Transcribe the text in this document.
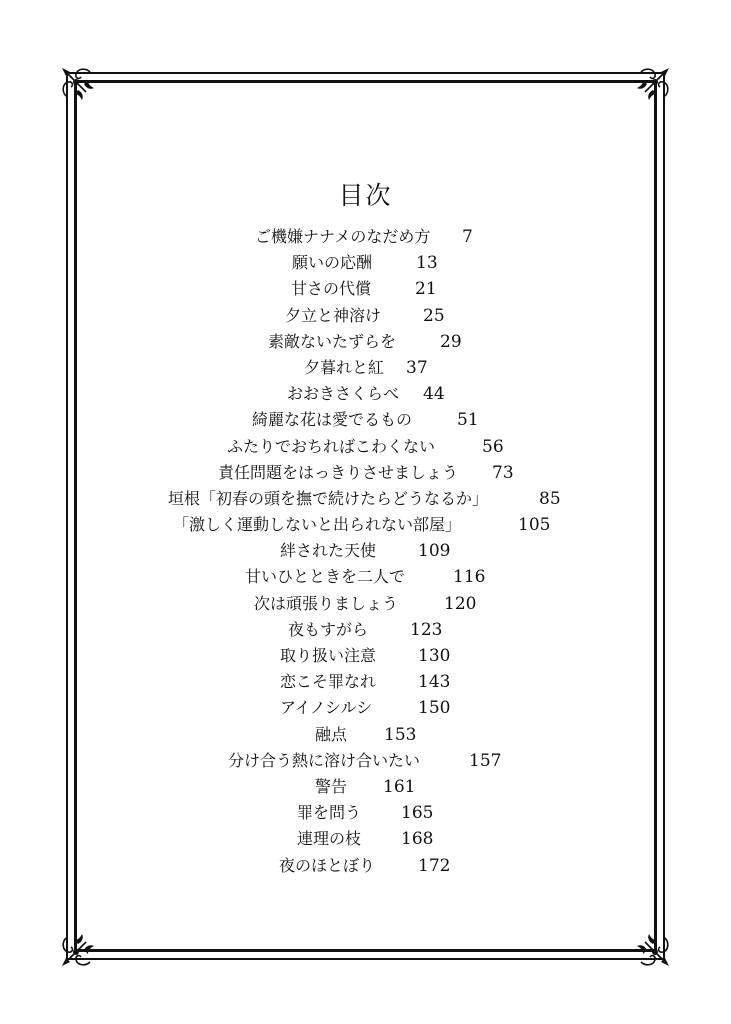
目次
ご機嫌ナナメのなだめ方 7
願いの応酬	13
甘さの代償	21
夕立と神溶け 25
素敵ないたずらを	29
夕暮れと紅 37
おおきさくらべ 44
綺麗な花は愛でるもの	51
ふたりでおちればこわくない	56
責任問題をはっきりさせましょう 73
垣根「初春の頭を撫で続けたらどうなるか」	85
「激しく運動しないと出られない部屋」	105
絆された天使 109
甘いひとときを二人で	116
次は頑張りましょう	120
夜もすがら 123
取り扱い注意 130
恋こそ罪なれ 143
アイノシルシ	150
融点 153
分け合う熱に溶け合いたい	157
警告 161
罪を問う 165
連理の枝 168
夜のほとぼり	172
